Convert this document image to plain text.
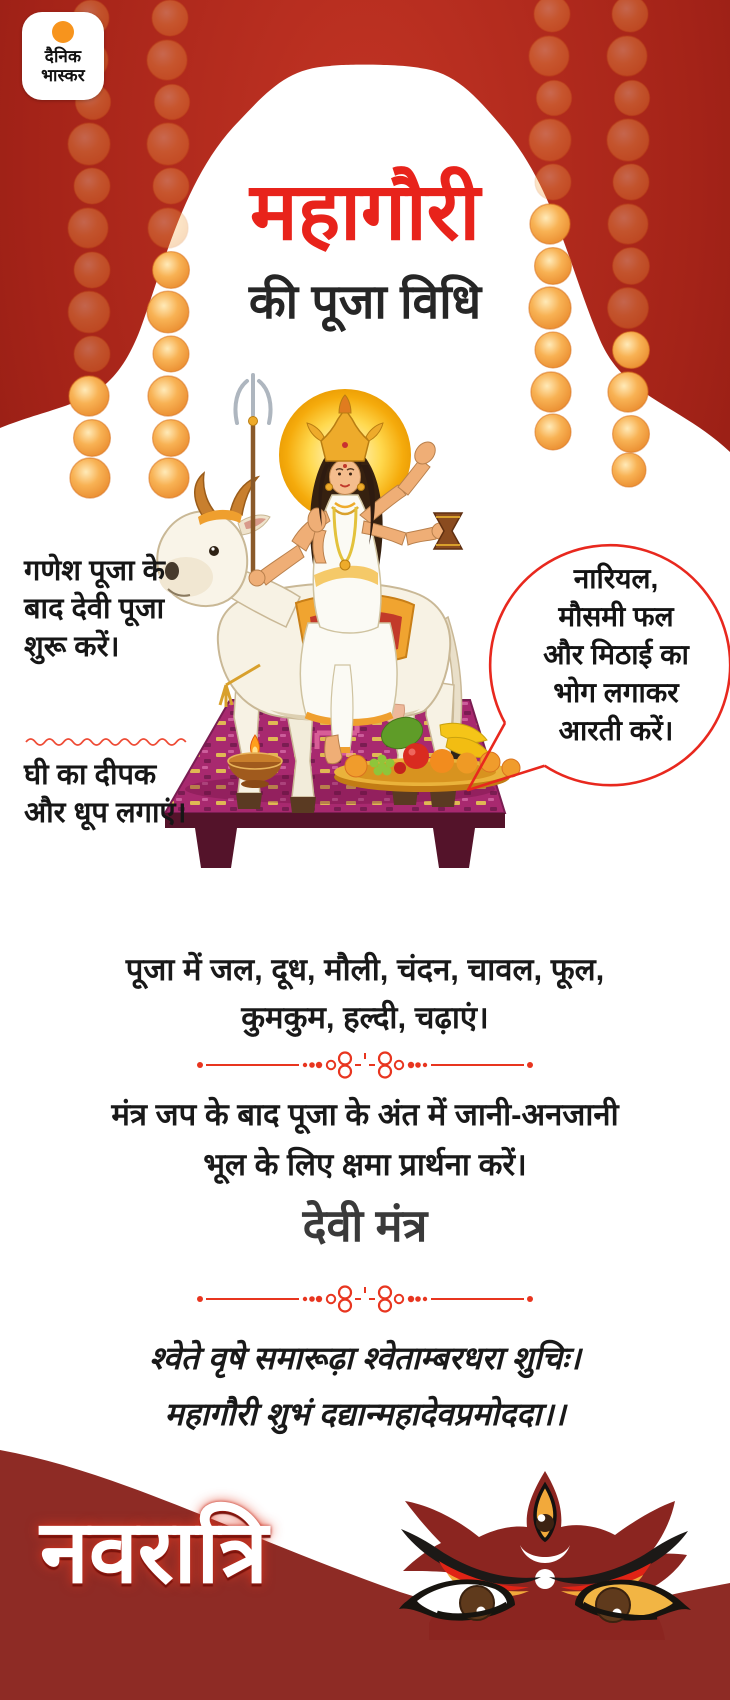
दैनिक
भास्कर
महागौरी
की पूजा विधि
गणेश पूजा के बाद देवी पूजा शुरू करें।
घी का दीपक और धूप लगाएं।
नारियल,
मौसमी फल
और मिठाई का
भोग लगाकर
आरती करें।
पूजा में जल, दूध, मौली, चंदन, चावल, फूल,
कुमकुम, हल्दी, चढ़ाएं।
मंत्र जप के बाद पूजा के अंत में जानी-अनजानी
भूल के लिए क्षमा प्रार्थना करें।
देवी मंत्र
श्वेते वृषे समारूढ़ा श्वेताम्बरधरा शुचिः।
महागौरी शुभं दद्यान्महादेवप्रमोददा।।
नवरात्रि
